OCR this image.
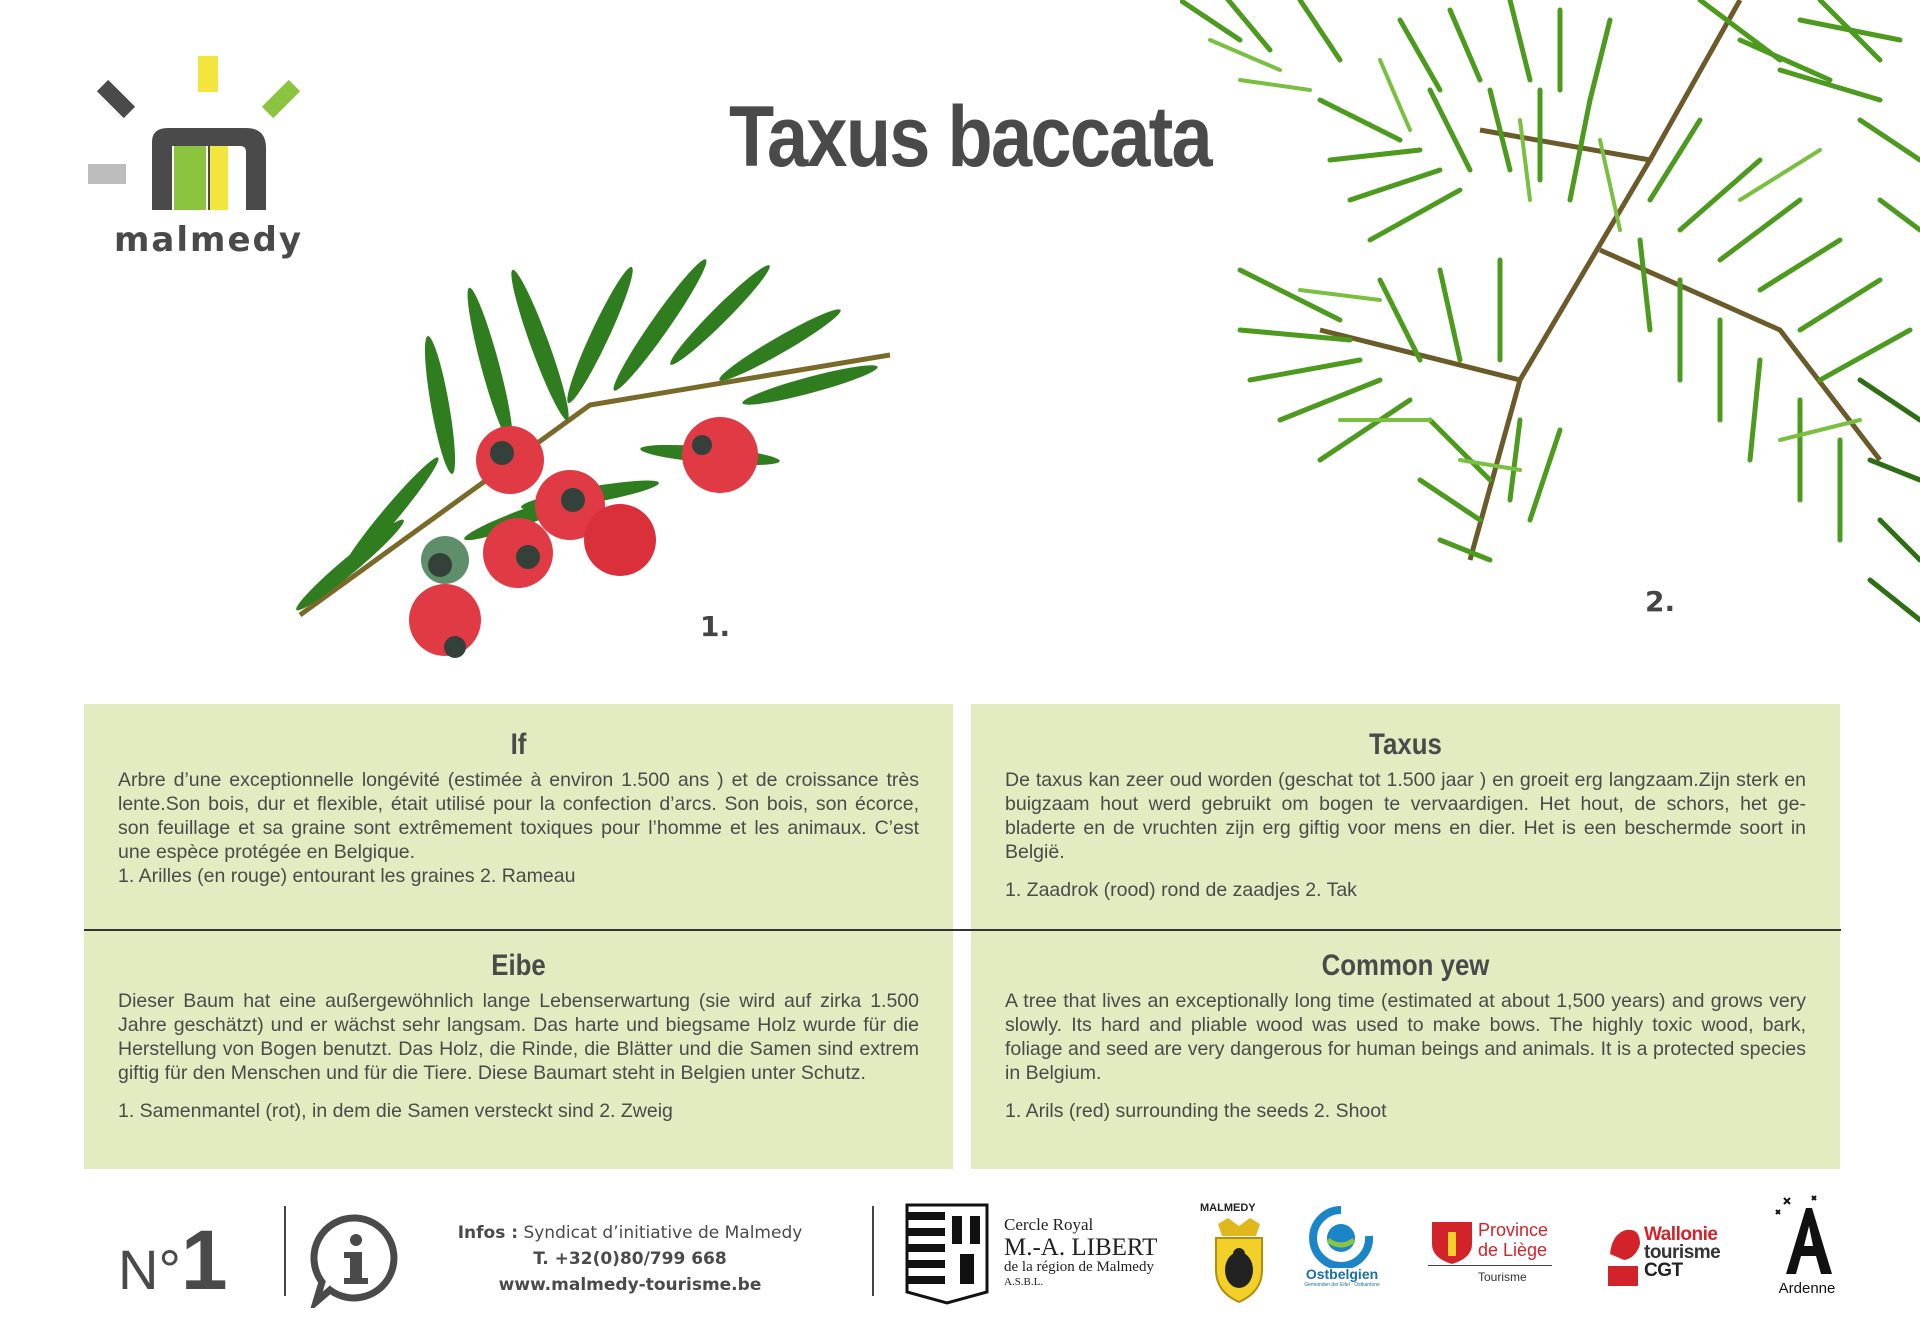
malmedy
Taxus baccata
1.
2.
If

Arbre d’une exceptionnelle longévité (estimée à environ 1.500 ans ) et de croissance très lente.Son bois, dur et flexible, était utilisé pour la confection d’arcs. Son bois, son écorce, son feuillage et sa graine sont extrêmement toxiques pour l’homme et les animaux. C’est une espèce protégée en Belgique.

1. Arilles (en rouge) entourant les graines 2. Rameau
Taxus

De taxus kan zeer oud worden (geschat tot 1.500 jaar ) en groeit erg langzaam.Zijn sterk en buigzaam hout werd gebruikt om bogen te vervaardigen. Het hout, de schors, het ge-bladerte en de vruchten zijn erg giftig voor mens en dier. Het is een beschermde soort in België.

1. Zaadrok (rood) rond de zaadjes 2. Tak
Eibe

Dieser Baum hat eine außergewöhnlich lange Lebenserwartung (sie wird auf zirka 1.500 Jahre geschätzt) und er wächst sehr langsam. Das harte und biegsame Holz wurde für die Herstellung von Bogen benutzt. Das Holz, die Rinde, die Blätter und die Samen sind extrem giftig für den Menschen und für die Tiere. Diese Baumart steht in Belgien unter Schutz.

1. Samenmantel (rot), in dem die Samen versteckt sind 2. Zweig
Common yew

A tree that lives an exceptionally long time (estimated at about 1,500 years) and grows very slowly. Its hard and pliable wood was used to make bows. The highly toxic wood, bark, foliage and seed are very dangerous for human beings and animals. It is a protected species in Belgium.

1. Arils (red) surrounding the seeds 2. Shoot
N°1	Infos : Syndicat d’initiative de Malmedy
T. +32(0)80/799 668
www.malmedy-tourisme.be
Cercle Royal
M.-A. LIBERT
de la région de Malmedy
A.S.B.L.
MALMEDY
Ostbelgien
Gemeinden der Eifel · Ostkantone
Province
de Liège
Tourisme
Wallonie
tourisme
CGT
Ardenne
